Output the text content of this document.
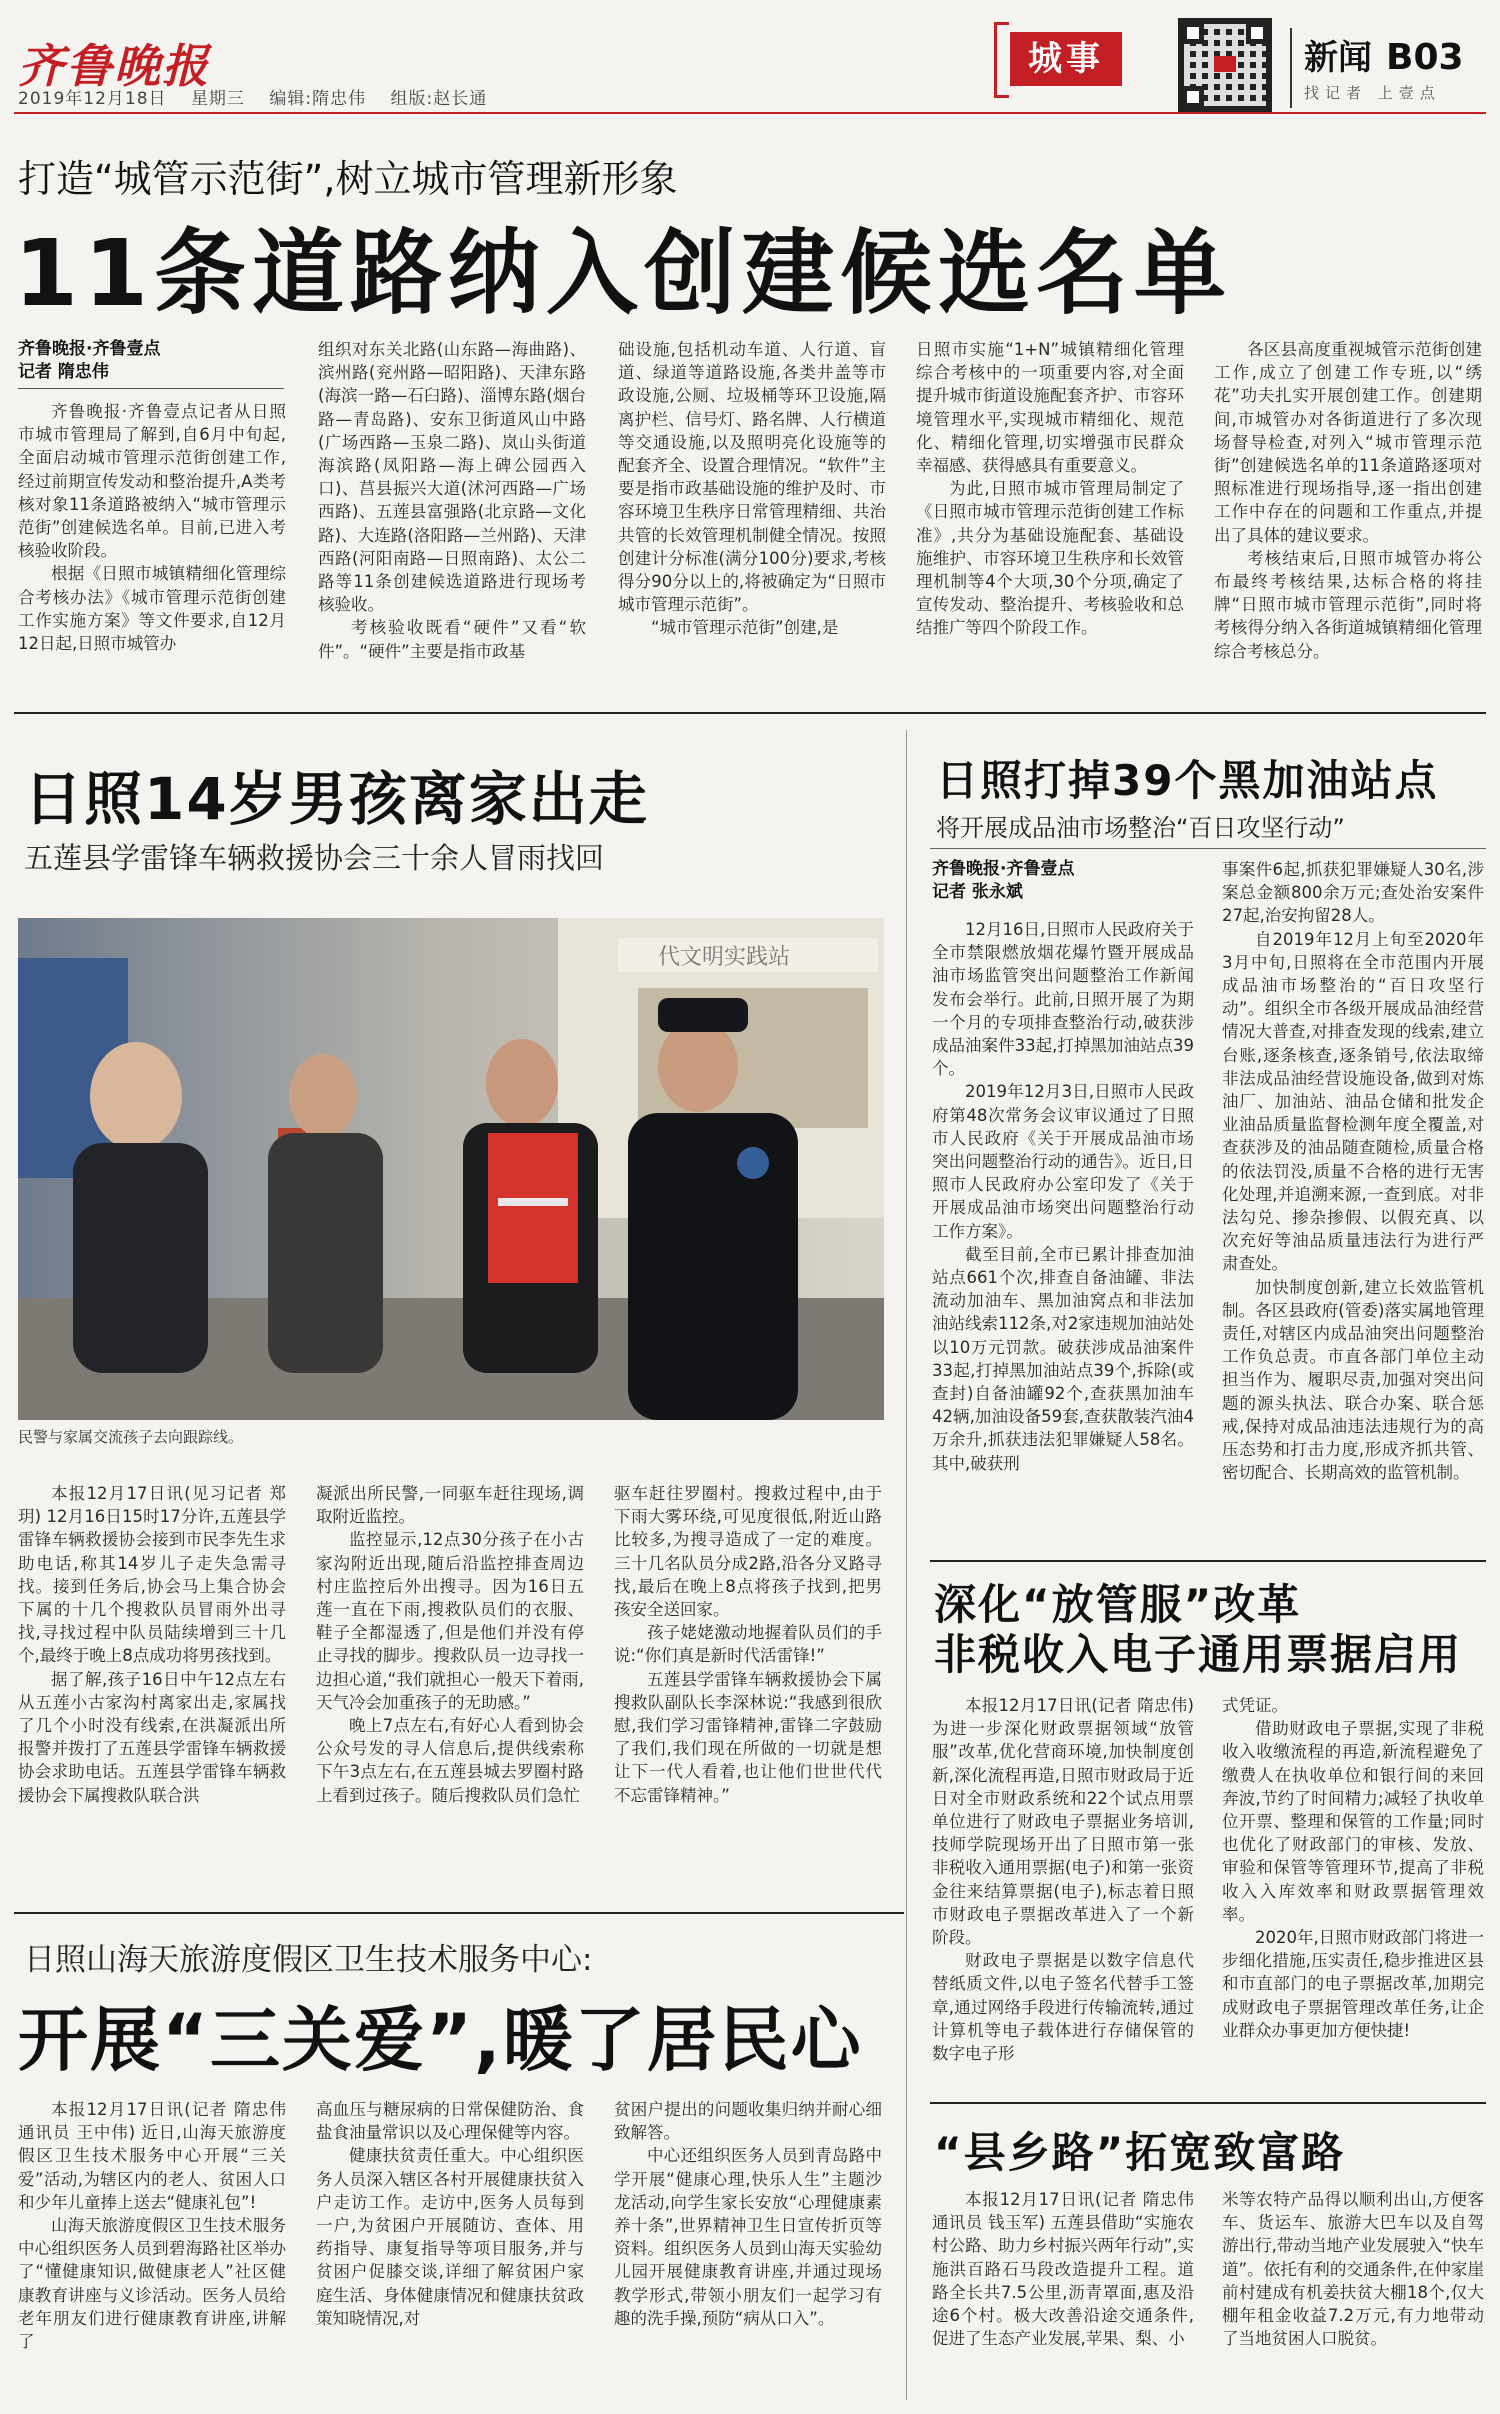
齐鲁晚报
2019年12月18日 星期三 编辑:隋忠伟 组版:赵长通
城事	新闻 B03
找记者 上壹点
打造“城管示范街”,树立城市管理新形象
11条道路纳入创建候选名单
齐鲁晚报·齐鲁壹点
记者 隋忠伟

齐鲁晚报·齐鲁壹点记者从日照市城市管理局了解到,自6月中旬起,全面启动城市管理示范街创建工作,经过前期宣传发动和整治提升,A类考核对象11条道路被纳入“城市管理示范街”创建候选名单。目前,已进入考核验收阶段。

根据《日照市城镇精细化管理综合考核办法》《城市管理示范街创建工作实施方案》等文件要求,自12月12日起,日照市城管办

组织对东关北路(山东路—海曲路)、滨州路(兖州路—昭阳路)、天津东路(海滨一路—石臼路)、淄博东路(烟台路—青岛路)、安东卫街道风山中路(广场西路—玉泉二路)、岚山头街道海滨路(凤阳路—海上碑公园西入口)、莒县振兴大道(沭河西路—广场西路)、五莲县富强路(北京路—文化路)、大连路(洛阳路—兰州路)、天津西路(河阳南路—日照南路)、太公二路等11条创建候选道路进行现场考核验收。

考核验收既看“硬件”又看“软件”。“硬件”主要是指市政基

础设施,包括机动车道、人行道、盲道、绿道等道路设施,各类井盖等市政设施,公厕、垃圾桶等环卫设施,隔离护栏、信号灯、路名牌、人行横道等交通设施,以及照明亮化设施等的配套齐全、设置合理情况。“软件”主要是指市政基础设施的维护及时、市容环境卫生秩序日常管理精细、共治共管的长效管理机制健全情况。按照创建计分标准(满分100分)要求,考核得分90分以上的,将被确定为“日照市城市管理示范街”。

“城市管理示范街”创建,是

日照市实施“1+N”城镇精细化管理综合考核中的一项重要内容,对全面提升城市街道设施配套齐护、市容环境管理水平,实现城市精细化、规范化、精细化管理,切实增强市民群众幸福感、获得感具有重要意义。

为此,日照市城市管理局制定了《日照市城市管理示范街创建工作标准》,共分为基础设施配套、基础设施维护、市容环境卫生秩序和长效管理机制等4个大项,30个分项,确定了宣传发动、整治提升、考核验收和总结推广等四个阶段工作。

各区县高度重视城管示范街创建工作,成立了创建工作专班,以“绣花”功夫扎实开展创建工作。创建期间,市城管办对各街道进行了多次现场督导检查,对列入“城市管理示范街”创建候选名单的11条道路逐项对照标准进行现场指导,逐一指出创建工作中存在的问题和工作重点,并提出了具体的建议要求。

考核结束后,日照市城管办将公布最终考核结果,达标合格的将挂牌“日照市城市管理示范街”,同时将考核得分纳入各街道城镇精细化管理综合考核总分。

日照14岁男孩离家出走
五莲县学雷锋车辆救援协会三十余人冒雨找回
代文明实践站
民警与家属交流孩子去向跟踪线。

本报12月17日讯(见习记者 郑玥) 12月16日15时17分许,五莲县学雷锋车辆救援协会接到市民李先生求助电话,称其14岁儿子走失急需寻找。接到任务后,协会马上集合协会下属的十几个搜救队员冒雨外出寻找,寻找过程中队员陆续增到三十几个,最终于晚上8点成功将男孩找到。

据了解,孩子16日中午12点左右从五莲小古家沟村离家出走,家属找了几个小时没有线索,在洪凝派出所报警并拨打了五莲县学雷锋车辆救援协会求助电话。五莲县学雷锋车辆救援协会下属搜救队联合洪

凝派出所民警,一同驱车赶往现场,调取附近监控。

监控显示,12点30分孩子在小古家沟附近出现,随后沿监控排查周边村庄监控后外出搜寻。因为16日五莲一直在下雨,搜救队员们的衣服、鞋子全都湿透了,但是他们并没有停止寻找的脚步。搜救队员一边寻找一边担心道,“我们就担心一般天下着雨,天气冷会加重孩子的无助感。”

晚上7点左右,有好心人看到协会公众号发的寻人信息后,提供线索称下午3点左右,在五莲县城去罗圈村路上看到过孩子。随后搜救队员们急忙

驱车赶往罗圈村。搜救过程中,由于下雨大雾环绕,可见度很低,附近山路比较多,为搜寻造成了一定的难度。三十几名队员分成2路,沿各分叉路寻找,最后在晚上8点将孩子找到,把男孩安全送回家。

孩子姥姥激动地握着队员们的手说:“你们真是新时代活雷锋!”

五莲县学雷锋车辆救援协会下属搜救队副队长李深林说:“我感到很欣慰,我们学习雷锋精神,雷锋二字鼓励了我们,我们现在所做的一切就是想让下一代人看着,也让他们世世代代不忘雷锋精神。”

日照山海天旅游度假区卫生技术服务中心:
开展“三关爱”,暖了居民心

本报12月17日讯(记者 隋忠伟 通讯员 王中伟) 近日,山海天旅游度假区卫生技术服务中心开展“三关爱”活动,为辖区内的老人、贫困人口和少年儿童捧上送去“健康礼包”!

山海天旅游度假区卫生技术服务中心组织医务人员到碧海路社区举办了“懂健康知识,做健康老人”社区健康教育讲座与义诊活动。医务人员给老年朋友们进行健康教育讲座,讲解了

高血压与糖尿病的日常保健防治、食盐食油量常识以及心理保健等内容。

健康扶贫责任重大。中心组织医务人员深入辖区各村开展健康扶贫入户走访工作。走访中,医务人员每到一户,为贫困户开展随访、查体、用药指导、康复指导等项目服务,并与贫困户促膝交谈,详细了解贫困户家庭生活、身体健康情况和健康扶贫政策知晓情况,对

贫困户提出的问题收集归纳并耐心细致解答。

中心还组织医务人员到青岛路中学开展“健康心理,快乐人生”主题沙龙活动,向学生家长安放“心理健康素养十条”,世界精神卫生日宣传折页等资料。组织医务人员到山海天实验幼儿园开展健康教育讲座,并通过现场教学形式,带领小朋友们一起学习有趣的洗手操,预防“病从口入”。

日照打掉39个黑加油站点
将开展成品油市场整治“百日攻坚行动”
齐鲁晚报·齐鲁壹点
记者 张永斌

12月16日,日照市人民政府关于全市禁限燃放烟花爆竹暨开展成品油市场监管突出问题整治工作新闻发布会举行。此前,日照开展了为期一个月的专项排查整治行动,破获涉成品油案件33起,打掉黑加油站点39个。

2019年12月3日,日照市人民政府第48次常务会议审议通过了日照市人民政府《关于开展成品油市场突出问题整治行动的通告》。近日,日照市人民政府办公室印发了《关于开展成品油市场突出问题整治行动工作方案》。

截至目前,全市已累计排查加油站点661个次,排查自备油罐、非法流动加油车、黑加油窝点和非法加油站线索112条,对2家违规加油站处以10万元罚款。破获涉成品油案件33起,打掉黑加油站点39个,拆除(或查封)自备油罐92个,查获黑加油车42辆,加油设备59套,查获散装汽油4万余升,抓获违法犯罪嫌疑人58名。其中,破获刑

事案件6起,抓获犯罪嫌疑人30名,涉案总金额800余万元;查处治安案件27起,治安拘留28人。

自2019年12月上旬至2020年3月中旬,日照将在全市范围内开展成品油市场整治的“百日攻坚行动”。组织全市各级开展成品油经营情况大普查,对排查发现的线索,建立台账,逐条核查,逐条销号,依法取缔非法成品油经营设施设备,做到对炼油厂、加油站、油品仓储和批发企业油品质量监督检测年度全覆盖,对查获涉及的油品随查随检,质量合格的依法罚没,质量不合格的进行无害化处理,并追溯来源,一查到底。对非法勾兑、掺杂掺假、以假充真、以次充好等油品质量违法行为进行严肃查处。

加快制度创新,建立长效监管机制。各区县政府(管委)落实属地管理责任,对辖区内成品油突出问题整治工作负总责。市直各部门单位主动担当作为、履职尽责,加强对突出问题的源头执法、联合办案、联合惩戒,保持对成品油违法违规行为的高压态势和打击力度,形成齐抓共管、密切配合、长期高效的监管机制。

深化“放管服”改革
非税收入电子通用票据启用

本报12月17日讯(记者 隋忠伟) 为进一步深化财政票据领域“放管服”改革,优化营商环境,加快制度创新,深化流程再造,日照市财政局于近日对全市财政系统和22个试点用票单位进行了财政电子票据业务培训,技师学院现场开出了日照市第一张非税收入通用票据(电子)和第一张资金往来结算票据(电子),标志着日照市财政电子票据改革进入了一个新阶段。

财政电子票据是以数字信息代替纸质文件,以电子签名代替手工签章,通过网络手段进行传输流转,通过计算机等电子载体进行存储保管的数字电子形

式凭证。

借助财政电子票据,实现了非税收入收缴流程的再造,新流程避免了缴费人在执收单位和银行间的来回奔波,节约了时间精力;减轻了执收单位开票、整理和保管的工作量;同时也优化了财政部门的审核、发放、审验和保管等管理环节,提高了非税收入入库效率和财政票据管理效率。

2020年,日照市财政部门将进一步细化措施,压实责任,稳步推进区县和市直部门的电子票据改革,加期完成财政电子票据管理改革任务,让企业群众办事更加方便快捷!

“县乡路”拓宽致富路

本报12月17日讯(记者 隋忠伟 通讯员 钱玉军) 五莲县借助“实施农村公路、助力乡村振兴两年行动”,实施洪百路石马段改造提升工程。道路全长共7.5公里,沥青罩面,惠及沿途6个村。极大改善沿途交通条件,促进了生态产业发展,苹果、梨、小

米等农特产品得以顺利出山,方便客车、货运车、旅游大巴车以及自驾游出行,带动当地产业发展驶入“快车道”。依托有利的交通条件,在仲家崖前村建成有机姜扶贫大棚18个,仅大棚年租金收益7.2万元,有力地带动了当地贫困人口脱贫。
